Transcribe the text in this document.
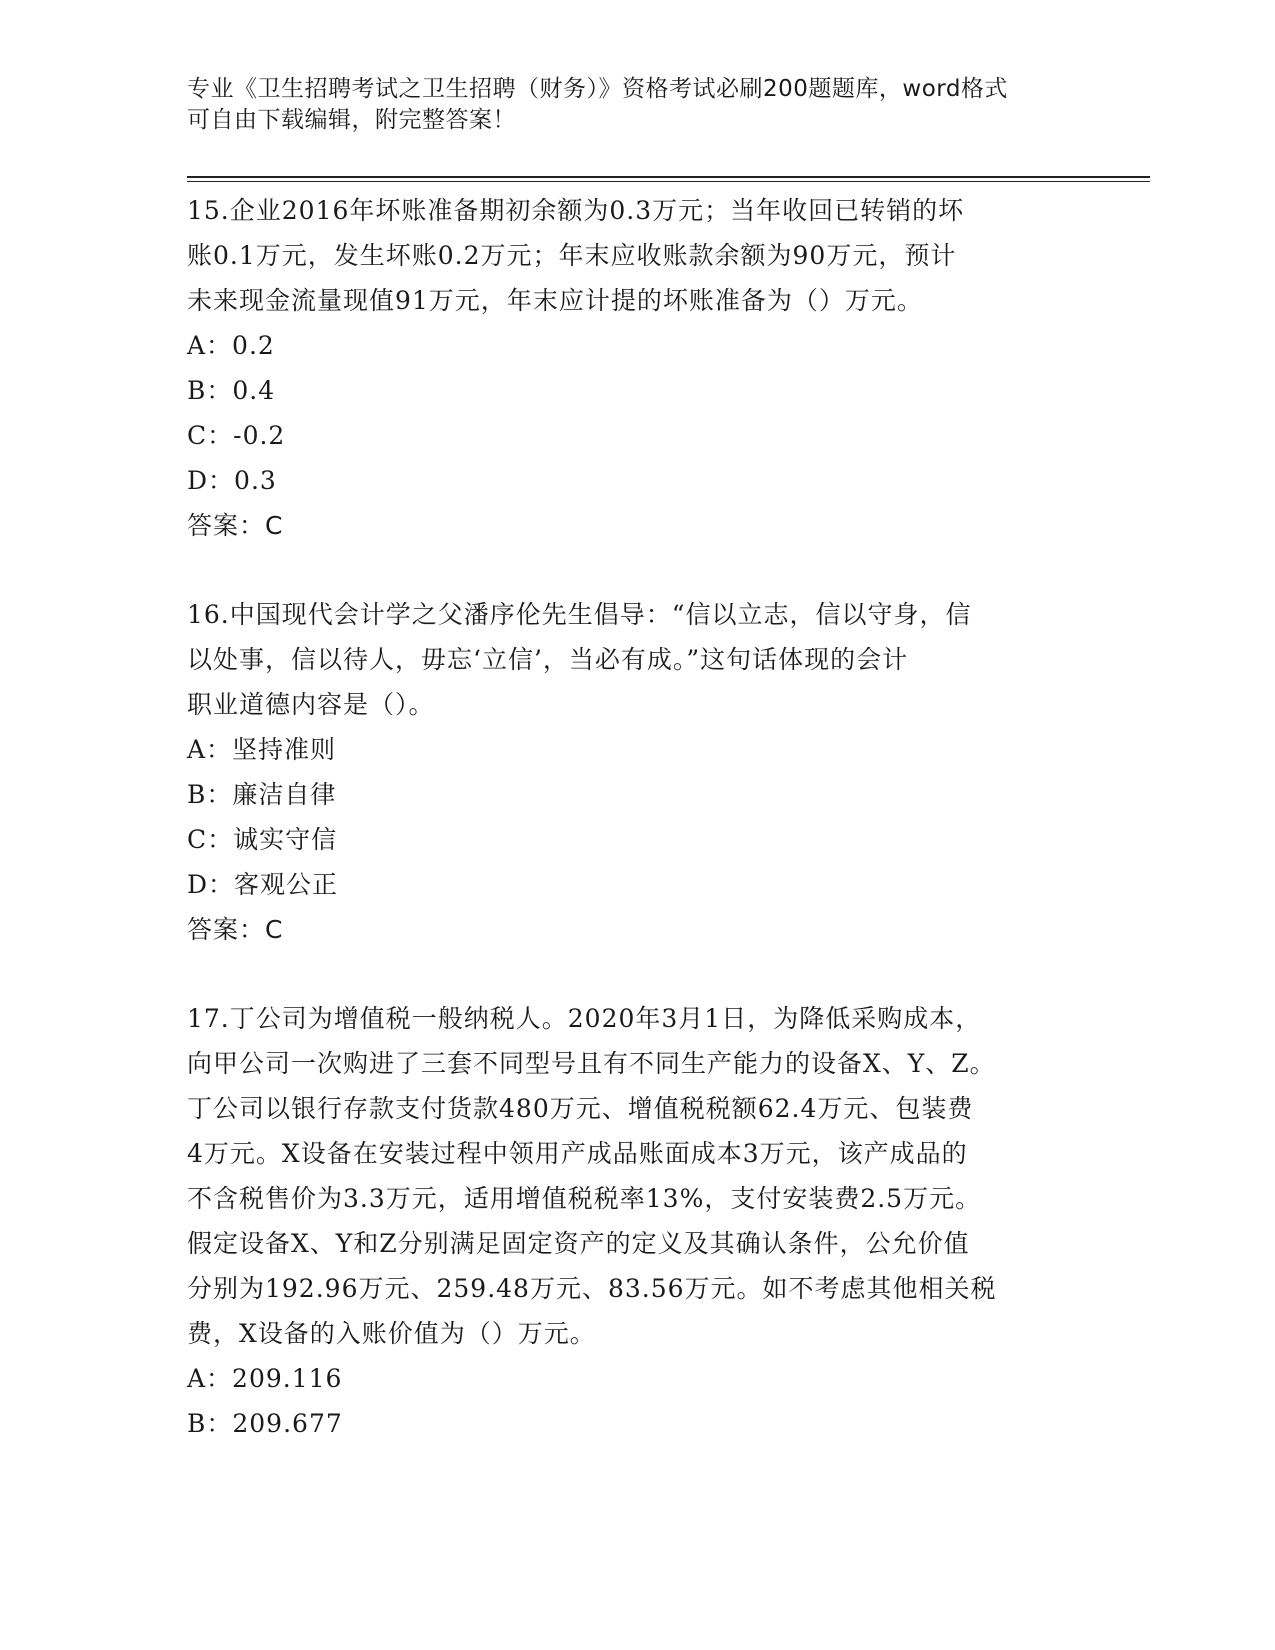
专业《卫生招聘考试之卫生招聘（财务）》资格考试必刷200题题库，word格式
可自由下载编辑，附完整答案！
15.企业2016年坏账准备期初余额为0.3万元；当年收回已转销的坏
账0.1万元，发生坏账0.2万元；年末应收账款余额为90万元，预计
未来现金流量现值91万元，年末应计提的坏账准备为（）万元。
A：0.2
B：0.4
C：-0.2
D：0.3
答案：C
16.中国现代会计学之父潘序伦先生倡导：“信以立志，信以守身，信
以处事，信以待人，毋忘‘立信’，当必有成。”这句话体现的会计
职业道德内容是（）。
A：坚持准则
B：廉洁自律
C：诚实守信
D：客观公正
答案：C
17.丁公司为增值税一般纳税人。2020年3月1日，为降低采购成本，
向甲公司一次购进了三套不同型号且有不同生产能力的设备X、Y、Z。
丁公司以银行存款支付货款480万元、增值税税额62.4万元、包装费
4万元。X设备在安装过程中领用产成品账面成本3万元，该产成品的
不含税售价为3.3万元，适用增值税税率13%，支付安装费2.5万元。
假定设备X、Y和Z分别满足固定资产的定义及其确认条件，公允价值
分别为192.96万元、259.48万元、83.56万元。如不考虑其他相关税
费，X设备的入账价值为（）万元。
A：209.116
B：209.677
